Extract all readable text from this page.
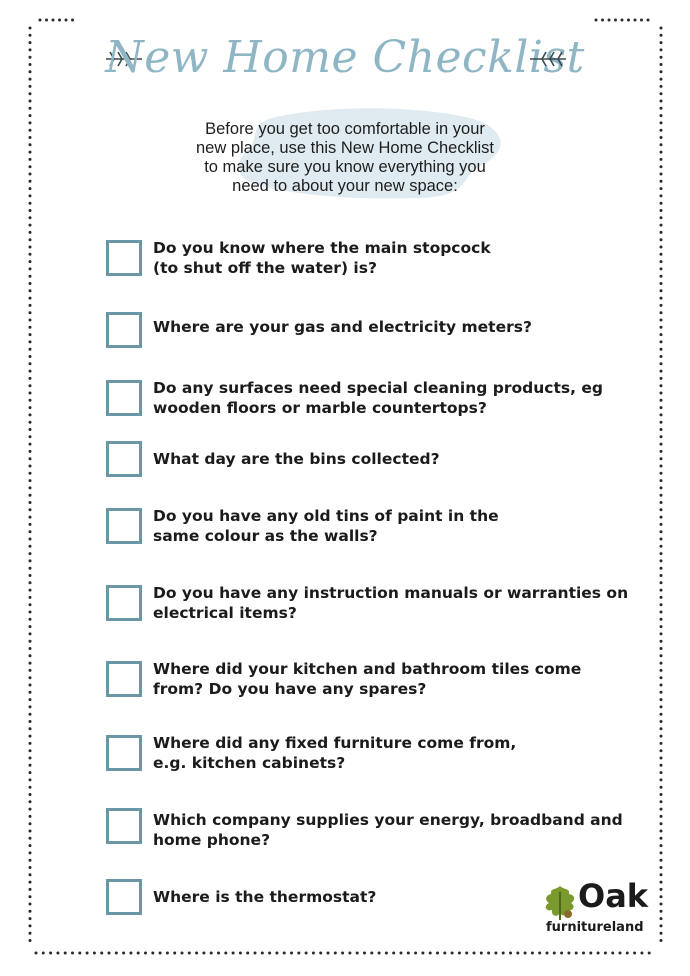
New Home Checklist
Before you get too comfortable in your
new place, use this New Home Checklist
to make sure you know everything you
need to about your new space:
Do you know where the main stopcock
(to shut off the water) is?
Where are your gas and electricity meters?
Do any surfaces need special cleaning products, eg
wooden floors or marble countertops?
What day are the bins collected?
Do you have any old tins of paint in the
same colour as the walls?
Do you have any instruction manuals or warranties on
electrical items?
Where did your kitchen and bathroom tiles come
from? Do you have any spares?
Where did any fixed furniture come from,
e.g. kitchen cabinets?
Which company supplies your energy, broadband and
home phone?
Where is the thermostat?	Oak
furnitureland
